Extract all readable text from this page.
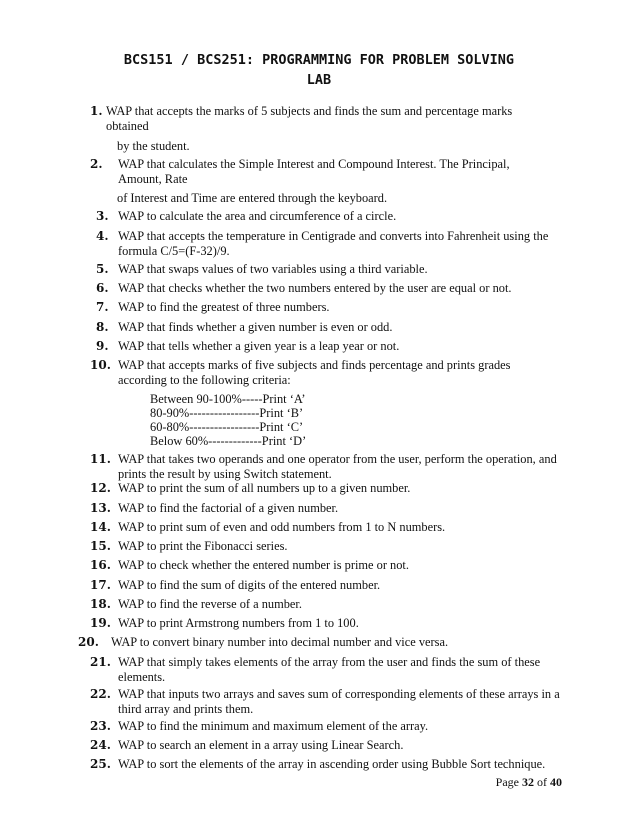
BCS151 / BCS251: PROGRAMMING FOR PROBLEM SOLVING
LAB
1. WAP that accepts the marks of 5 subjects and finds the sum and percentage marks obtained
by the student.
2. WAP that calculates the Simple Interest and Compound Interest. The Principal, Amount, Rate
of Interest and Time are entered through the keyboard.
3. WAP to calculate the area and circumference of a circle.
4. WAP that accepts the temperature in Centigrade and converts into Fahrenheit using the formula C/5=(F-32)/9.
5. WAP that swaps values of two variables using a third variable.
6. WAP that checks whether the two numbers entered by the user are equal or not.
7. WAP to find the greatest of three numbers.
8. WAP that finds whether a given number is even or odd.
9. WAP that tells whether a given year is a leap year or not.
10. WAP that accepts marks of five subjects and finds percentage and prints grades according to the following criteria:
Between 90-100%-----Print ‘A’
80-90%-----------------Print ‘B’
60-80%-----------------Print ‘C’
Below 60%-------------Print ‘D’
11. WAP that takes two operands and one operator from the user, perform the operation, and prints the result by using Switch statement.
12. WAP to print the sum of all numbers up to a given number.
13. WAP to find the factorial of a given number.
14. WAP to print sum of even and odd numbers from 1 to N numbers.
15. WAP to print the Fibonacci series.
16. WAP to check whether the entered number is prime or not.
17. WAP to find the sum of digits of the entered number.
18. WAP to find the reverse of a number.
19. WAP to print Armstrong numbers from 1 to 100.
20. WAP to convert binary number into decimal number and vice versa.
21. WAP that simply takes elements of the array from the user and finds the sum of these elements.
22. WAP that inputs two arrays and saves sum of corresponding elements of these arrays in a third array and prints them.
23. WAP to find the minimum and maximum element of the array.
24. WAP to search an element in a array using Linear Search.
25. WAP to sort the elements of the array in ascending order using Bubble Sort technique.
Page 32 of 40
